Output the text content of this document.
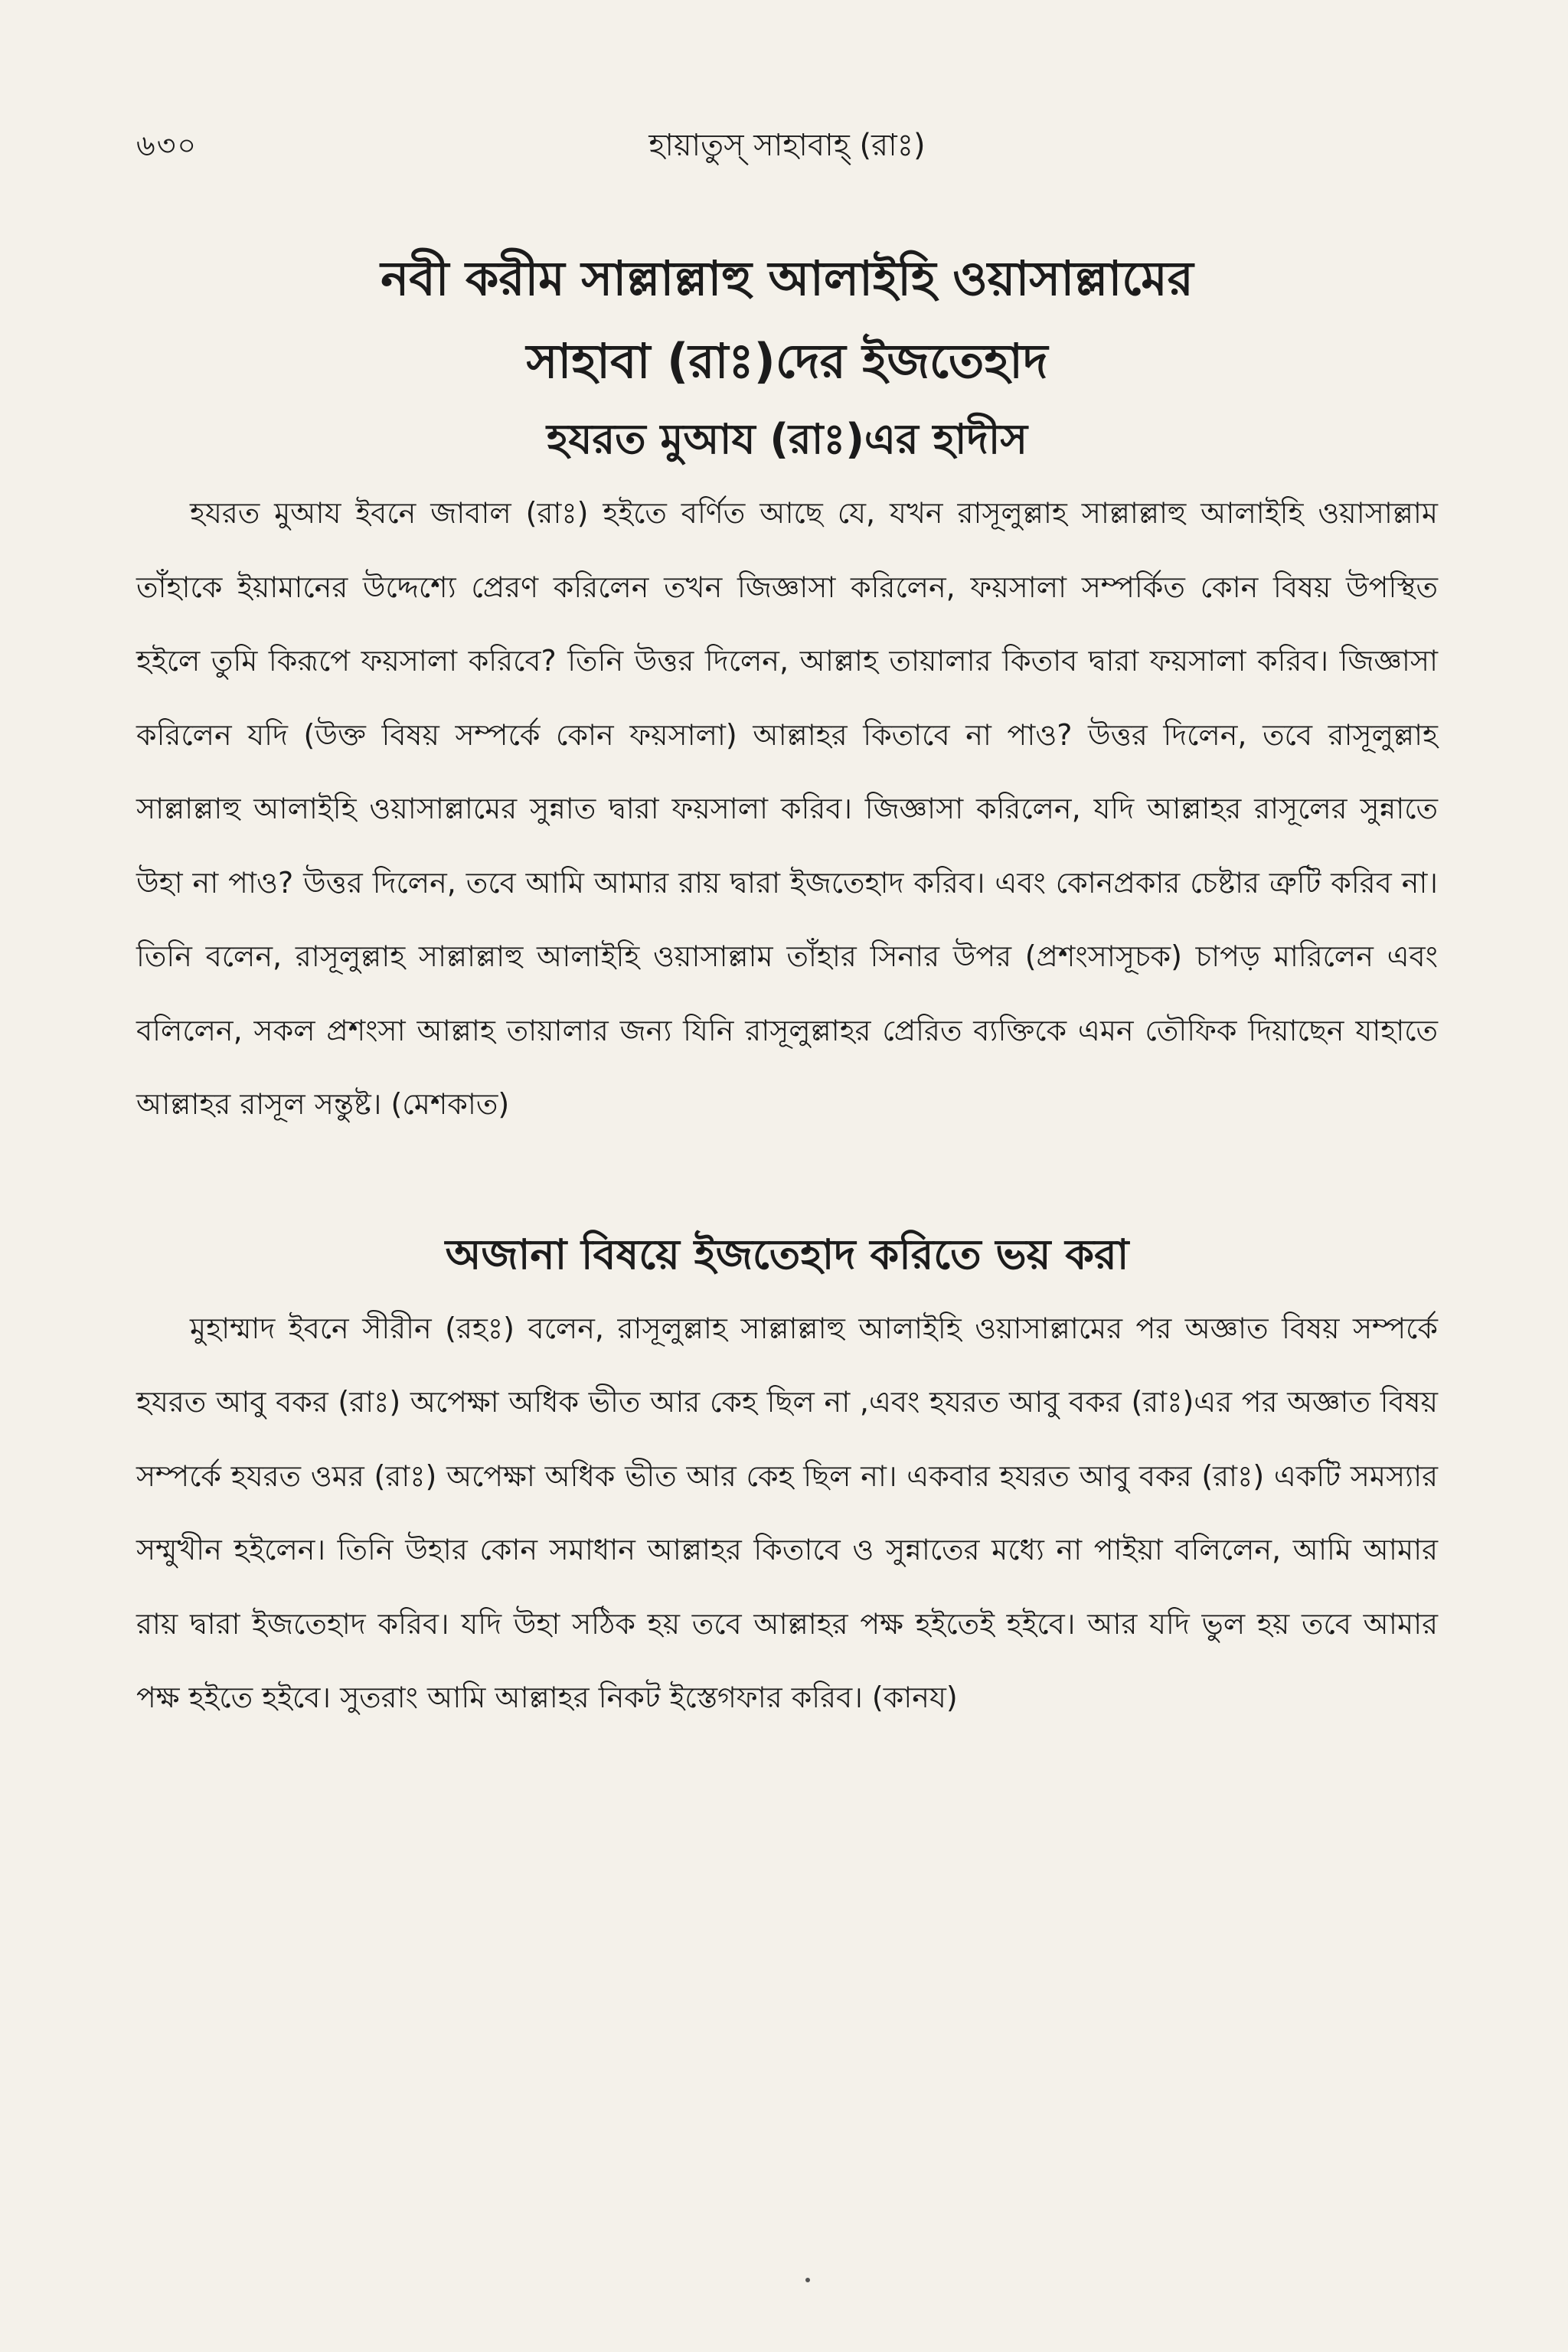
৬৩০	হায়াতুস্ সাহাবাহ্ (রাঃ)
নবী করীম সাল্লাল্লাহু আলাইহি ওয়াসাল্লামের
সাহাবা (রাঃ)দের ইজতেহাদ
হযরত মুআয (রাঃ)এর হাদীস

হযরত মুআয ইবনে জাবাল (রাঃ) হইতে বর্ণিত আছে যে, যখন রাসূলুল্লাহ সাল্লাল্লাহু আলাইহি ওয়াসাল্লাম তাঁহাকে ইয়ামানের উদ্দেশ্যে প্রেরণ করিলেন তখন জিজ্ঞাসা করিলেন, ফয়সালা সম্পর্কিত কোন বিষয় উপস্থিত হইলে তুমি কিরূপে ফয়সালা করিবে? তিনি উত্তর দিলেন, আল্লাহ তায়ালার কিতাব দ্বারা ফয়সালা করিব। জিজ্ঞাসা করিলেন যদি (উক্ত বিষয় সম্পর্কে কোন ফয়সালা) আল্লাহর কিতাবে না পাও? উত্তর দিলেন, তবে রাসূলুল্লাহ সাল্লাল্লাহু আলাইহি ওয়াসাল্লামের সুন্নাত দ্বারা ফয়সালা করিব। জিজ্ঞাসা করিলেন, যদি আল্লাহর রাসূলের সুন্নাতে উহা না পাও? উত্তর দিলেন, তবে আমি আমার রায় দ্বারা ইজতেহাদ করিব। এবং কোনপ্রকার চেষ্টার ত্রুটি করিব না। তিনি বলেন, রাসূলুল্লাহ সাল্লাল্লাহু আলাইহি ওয়াসাল্লাম তাঁহার সিনার উপর (প্রশংসাসূচক) চাপড় মারিলেন এবং বলিলেন, সকল প্রশংসা আল্লাহ তায়ালার জন্য যিনি রাসূলুল্লাহর প্রেরিত ব্যক্তিকে এমন তৌফিক দিয়াছেন যাহাতে আল্লাহর রাসূল সন্তুষ্ট। (মেশকাত)

অজানা বিষয়ে ইজতেহাদ করিতে ভয় করা

মুহাম্মাদ ইবনে সীরীন (রহঃ) বলেন, রাসূলুল্লাহ সাল্লাল্লাহু আলাইহি ওয়াসাল্লামের পর অজ্ঞাত বিষয় সম্পর্কে হযরত আবু বকর (রাঃ) অপেক্ষা অধিক ভীত আর কেহ ছিল না ,এবং হযরত আবু বকর (রাঃ)এর পর অজ্ঞাত বিষয় সম্পর্কে হযরত ওমর (রাঃ) অপেক্ষা অধিক ভীত আর কেহ ছিল না। একবার হযরত আবু বকর (রাঃ) একটি সমস্যার সম্মুখীন হইলেন। তিনি উহার কোন সমাধান আল্লাহর কিতাবে ও সুন্নাতের মধ্যে না পাইয়া বলিলেন, আমি আমার রায় দ্বারা ইজতেহাদ করিব। যদি উহা সঠিক হয় তবে আল্লাহর পক্ষ হইতেই হইবে। আর যদি ভুল হয় তবে আমার পক্ষ হইতে হইবে। সুতরাং আমি আল্লাহর নিকট ইস্তেগফার করিব। (কানয)
